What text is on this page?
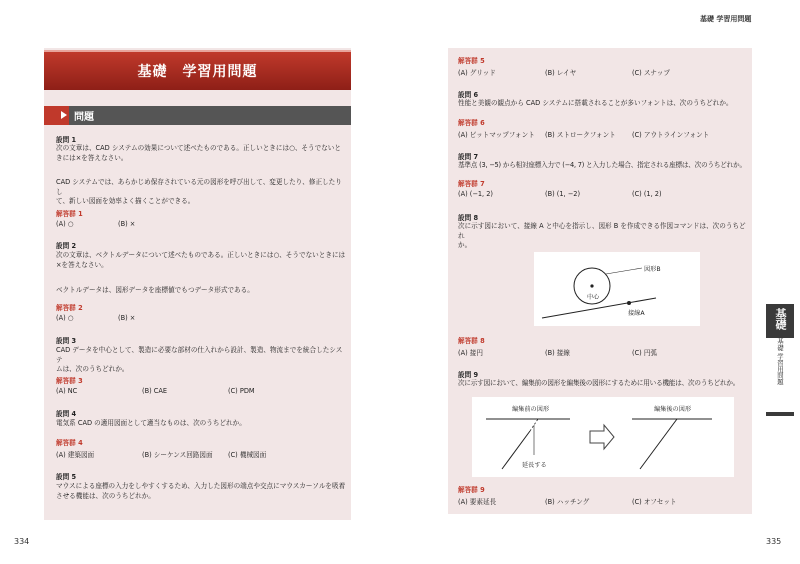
基礎 学習用問題
334	335
基礎　学習用問題
問題
設問 1
次の文章は、CAD システムの効果について述べたものである。正しいときには○、そうでないと
きには×を答えなさい。
CAD システムでは、あらかじめ保存されている元の図形を呼び出して、変更したり、修正したりし
て、新しい図面を効率よく描くことができる。
解答群 1
(A) ○	(B) ×
設問 2
次の文章は、ベクトルデータについて述べたものである。正しいときには○、そうでないときには
×を答えなさい。
ベクトルデータは、図形データを座標値でもつデータ形式である。
解答群 2
(A) ○	(B) ×
設問 3
CAD データを中心として、製造に必要な部材の仕入れから設計、製造、物流までを統合したシステ
ムは、次のうちどれか。
解答群 3
(A) NC	(B) CAE	(C) PDM
設問 4
電気系 CAD の適用図面として適当なものは、次のうちどれか。
解答群 4
(A) 建築図面	(B) シーケンス回路図面 (C) 機械図面
設問 5
マウスによる座標の入力をしやすくするため、入力した図形の端点や交点にマウスカーソルを吸着
させる機能は、次のうちどれか。
解答群 5
(A) グリッド	(B) レイヤ	(C) スナップ
設問 6
性能と美観の観点から CAD システムに搭載されることが多いフォントは、次のうちどれか。
解答群 6
(A) ビットマップフォント (B) ストロークフォント (C) アウトラインフォント
設問 7
基準点 (3, −5) から相対座標入力で (−4, 7) と入力した場合、指定される座標は、次のうちどれか。
解答群 7
(A) (−1, 2)	(B) (1, −2)	(C) (1, 2)
設問 8
次に示す図において、接線 A と中心を指示し、図形 B を作成できる作図コマンドは、次のうちどれ
か。
図形B
中心
接線A
解答群 8
(A) 接円	(B) 接線	(C) 円弧
設問 9
次に示す図において、編集前の図形を編集後の図形にするために用いる機能は、次のうちどれか。
編集前の図形	編集後の図形
延長する
解答群 9
(A) 要素延長	(B) ハッチング	(C) オフセット
基礎
基礎 学習用問題
